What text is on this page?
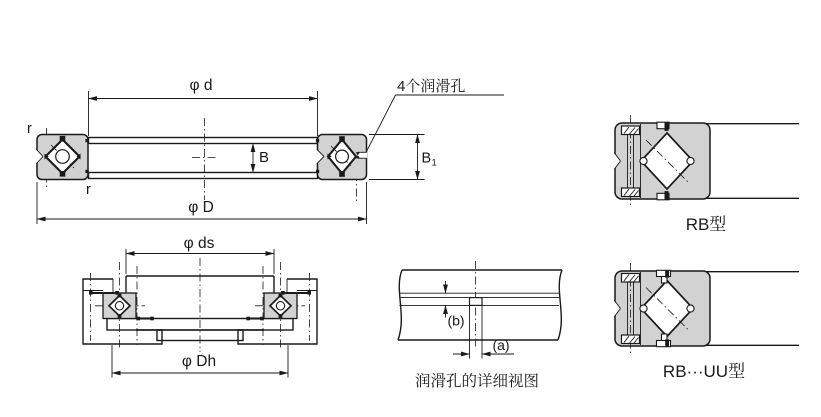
φ d
φ D
B	B 1
r
r
4个润滑孔
φ ds
φ Dh
(b)
(a)
润滑孔的详细视图
RB型
RB···UU型
